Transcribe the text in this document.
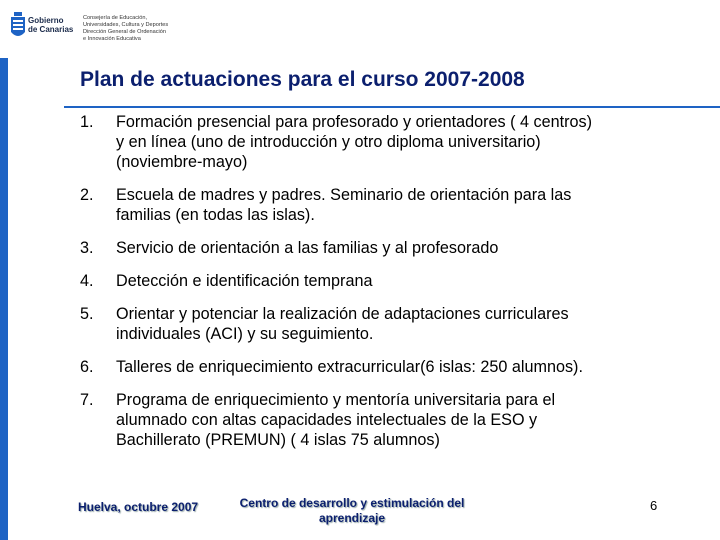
Gobierno
de Canarias
Consejería de Educación,
Universidades, Cultura y Deportes
Dirección General de Ordenación
e Innovación Educativa
Plan de actuaciones para el curso 2007-2008
1. Formación presencial para profesorado y orientadores ( 4 centros)
y en línea (uno de introducción y otro diploma universitario)
(noviembre-mayo)
2. Escuela de madres y padres. Seminario de orientación para las
familias (en todas las islas).
3. Servicio de orientación a las familias y al profesorado
4. Detección e identificación temprana
5. Orientar y potenciar la realización de adaptaciones curriculares
individuales (ACI) y su seguimiento.
6. Talleres de enriquecimiento extracurricular(6 islas: 250 alumnos).
7. Programa de enriquecimiento y mentoría universitaria para el
alumnado con altas capacidades intelectuales de la ESO y
Bachillerato (PREMUN) ( 4 islas 75 alumnos)
Huelva, octubre 2007	Centro de desarrollo y estimulación del
aprendizaje
6
